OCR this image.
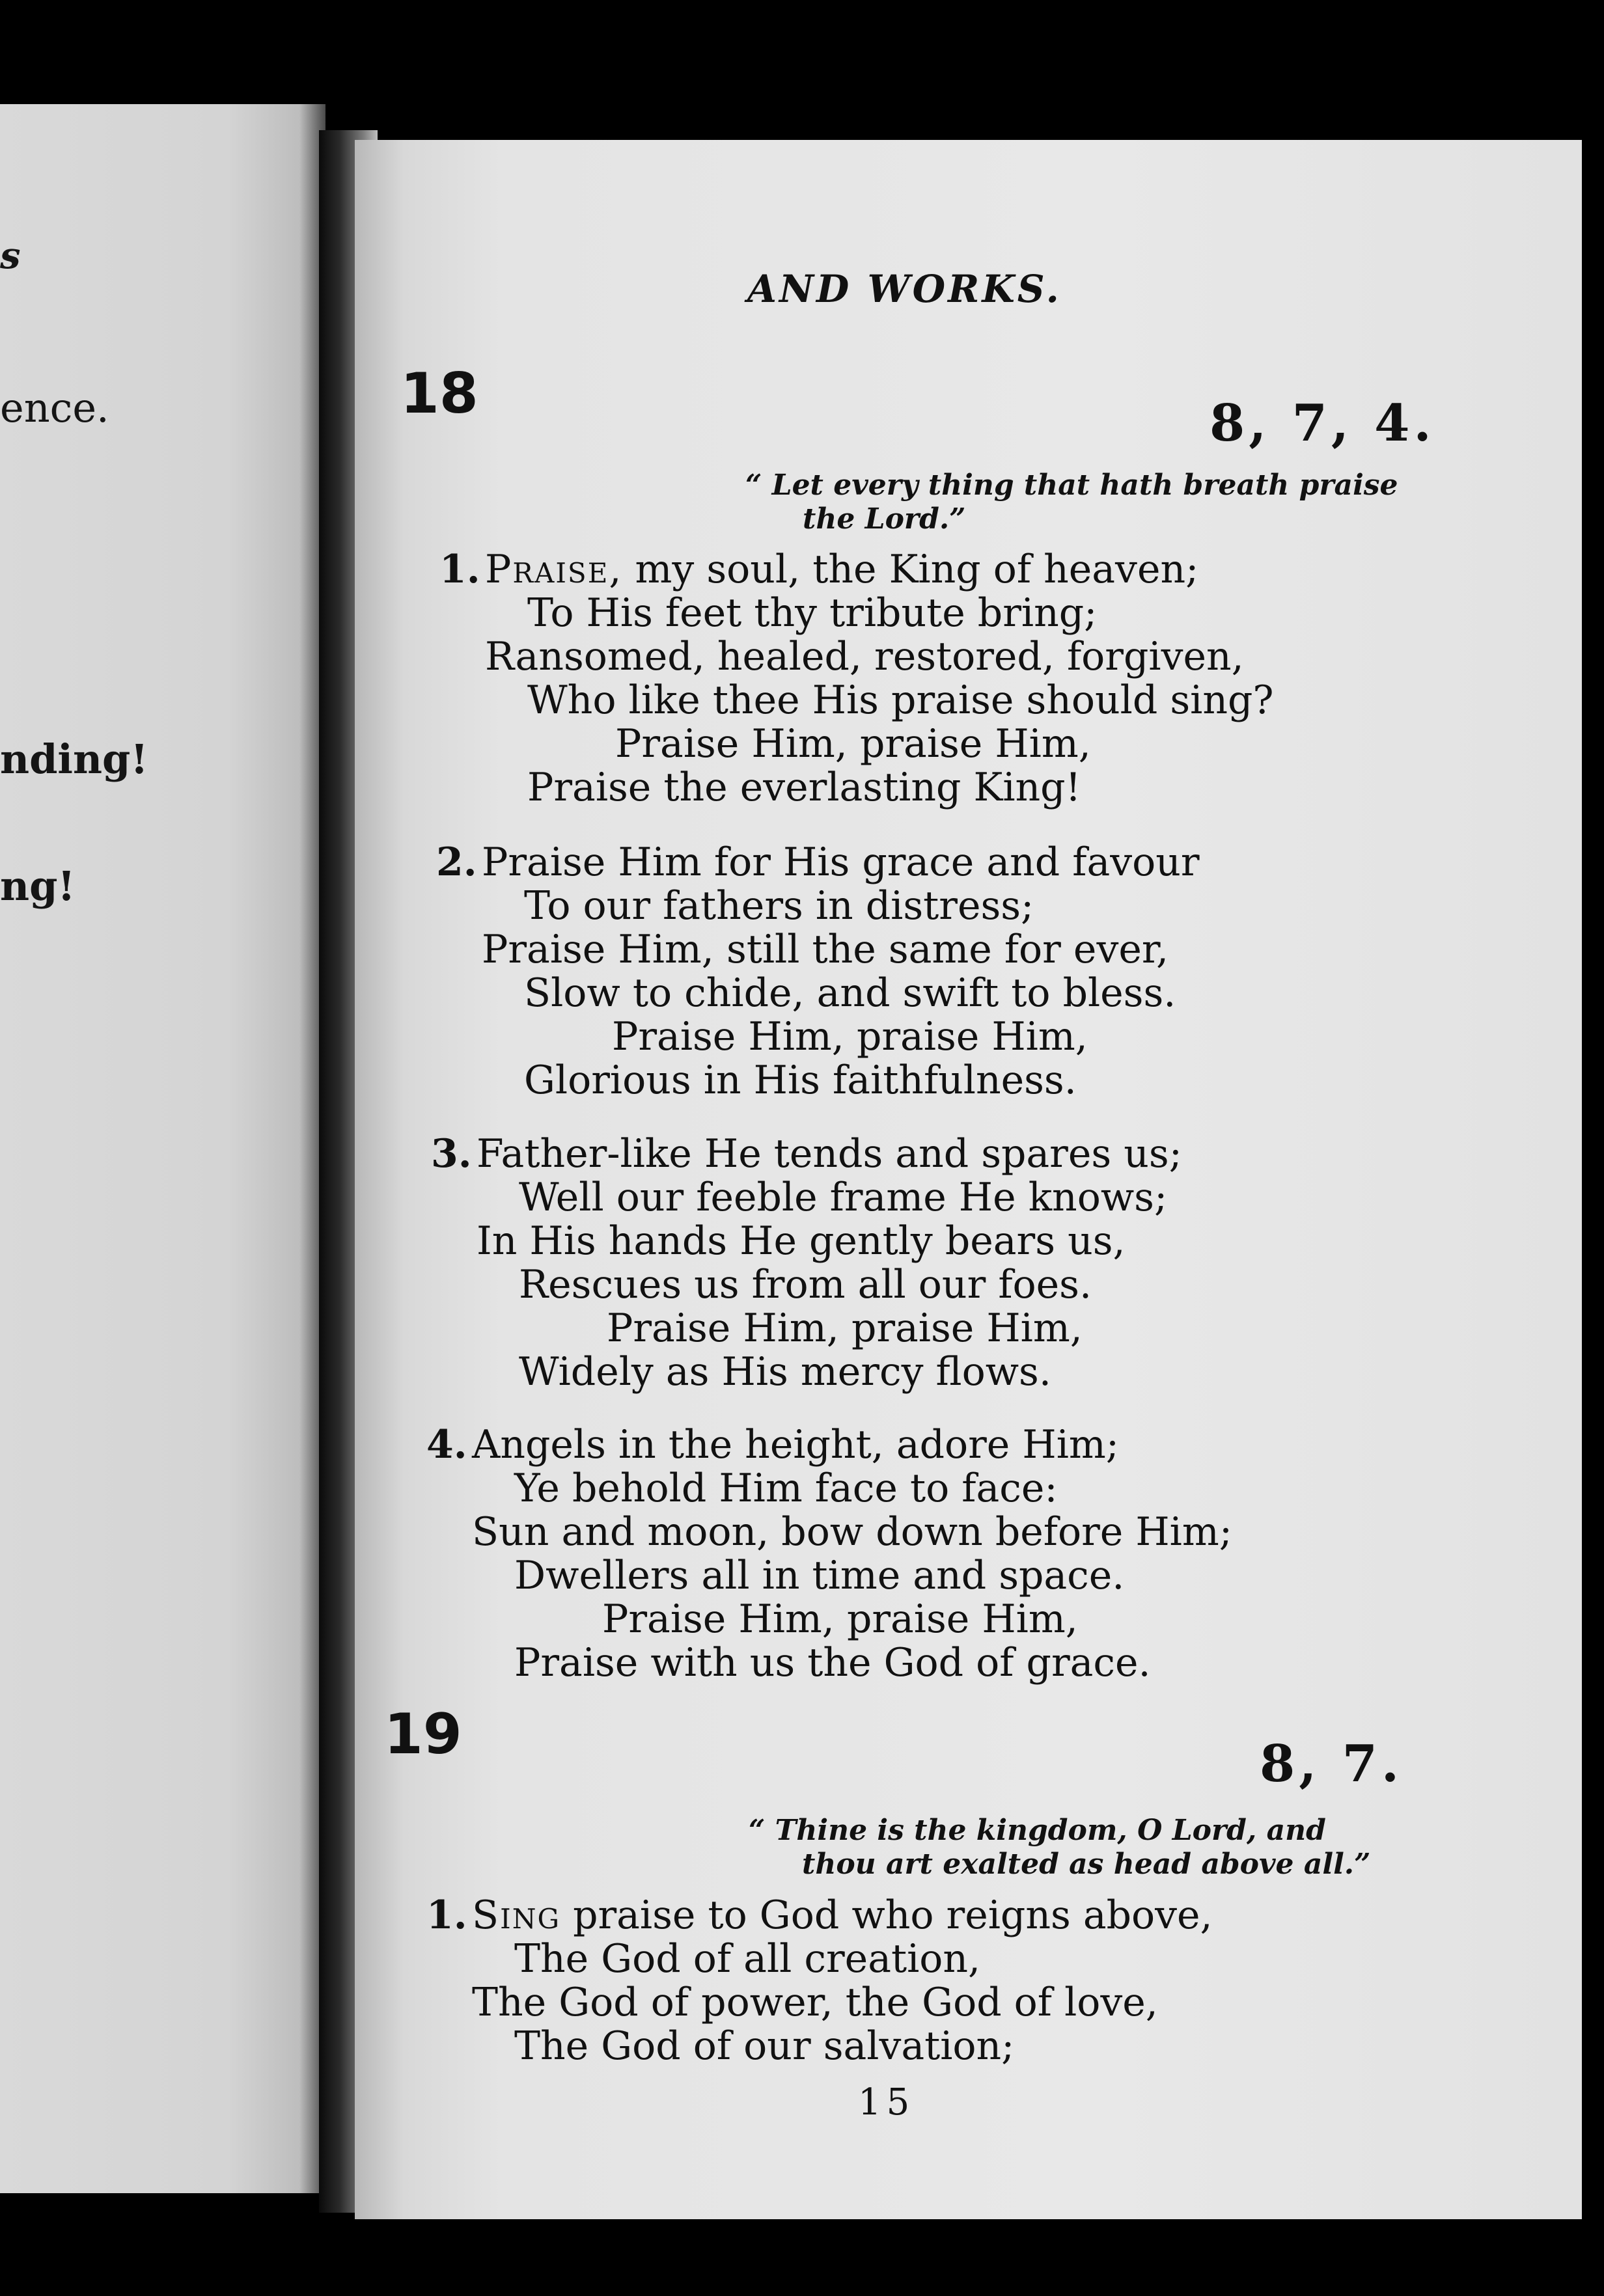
s
ence.
nding!
ng!
AND WORKS.
18	8, 7, 4.
“ Let every thing that hath breath praise
the Lord.”
1. Praise, my soul, the King of heaven;
To His feet thy tribute bring;
Ransomed, healed, restored, forgiven,
Who like thee His praise should sing?
Praise Him, praise Him,
Praise the everlasting King!
2. Praise Him for His grace and favour
To our fathers in distress;
Praise Him, still the same for ever,
Slow to chide, and swift to bless.
Praise Him, praise Him,
Glorious in His faithfulness.
3. Father-like He tends and spares us;
Well our feeble frame He knows;
In His hands He gently bears us,
Rescues us from all our foes.
Praise Him, praise Him,
Widely as His mercy flows.
4. Angels in the height, adore Him;
Ye behold Him face to face:
Sun and moon, bow down before Him;
Dwellers all in time and space.
Praise Him, praise Him,
Praise with us the God of grace.
19	8, 7.
“ Thine is the kingdom, O Lord, and
thou art exalted as head above all.”
1. Sing praise to God who reigns above,
The God of all creation,
The God of power, the God of love,
The God of our salvation;
15
